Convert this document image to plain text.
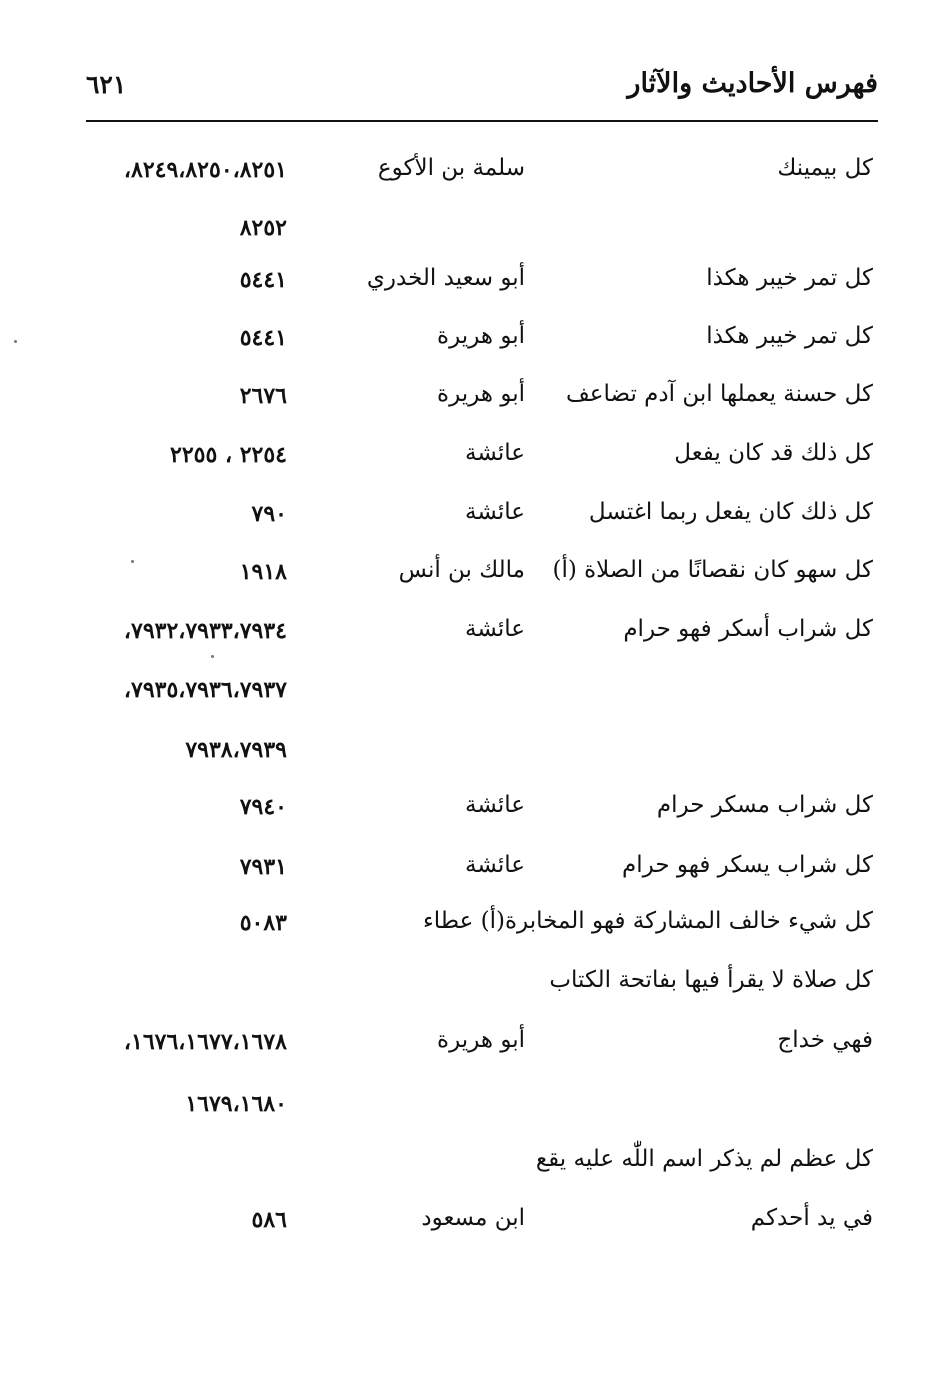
فهرس الأحاديث والآثار
٦٢١
كل بيمينك
سلمة بن الأكوع
٨٢٤٩،٨٢٥٠،٨٢٥١،
٨٢٥٢
كل تمر خيبر هكذا
أبو سعيد الخدري
٥٤٤١
كل تمر خيبر هكذا
أبو هريرة
٥٤٤١
كل حسنة يعملها ابن آدم تضاعف
أبو هريرة
٢٦٧٦
كل ذلك قد كان يفعل
عائشة
٢٢٥٤ ، ٢٢٥٥
كل ذلك كان يفعل ربما اغتسل
عائشة
٧٩٠
كل سهو كان نقصانًا من الصلاة (أ)
مالك بن أنس
١٩١٨
كل شراب أسكر فهو حرام
عائشة
٧٩٣٢،٧٩٣٣،٧٩٣٤،
٧٩٣٥،٧٩٣٦،٧٩٣٧،
٧٩٣٨،٧٩٣٩
كل شراب مسكر حرام
عائشة
٧٩٤٠
كل شراب يسكر فهو حرام
عائشة
٧٩٣١
كل شيء خالف المشاركة فهو المخابرة(أ) عطاء
٥٠٨٣
كل صلاة لا يقرأ فيها بفاتحة الكتاب
فهي خداج
أبو هريرة
١٦٧٦،١٦٧٧،١٦٧٨،
١٦٧٩،١٦٨٠
كل عظم لم يذكر اسم اللّٰه عليه يقع
في يد أحدكم
ابن مسعود
٥٨٦
